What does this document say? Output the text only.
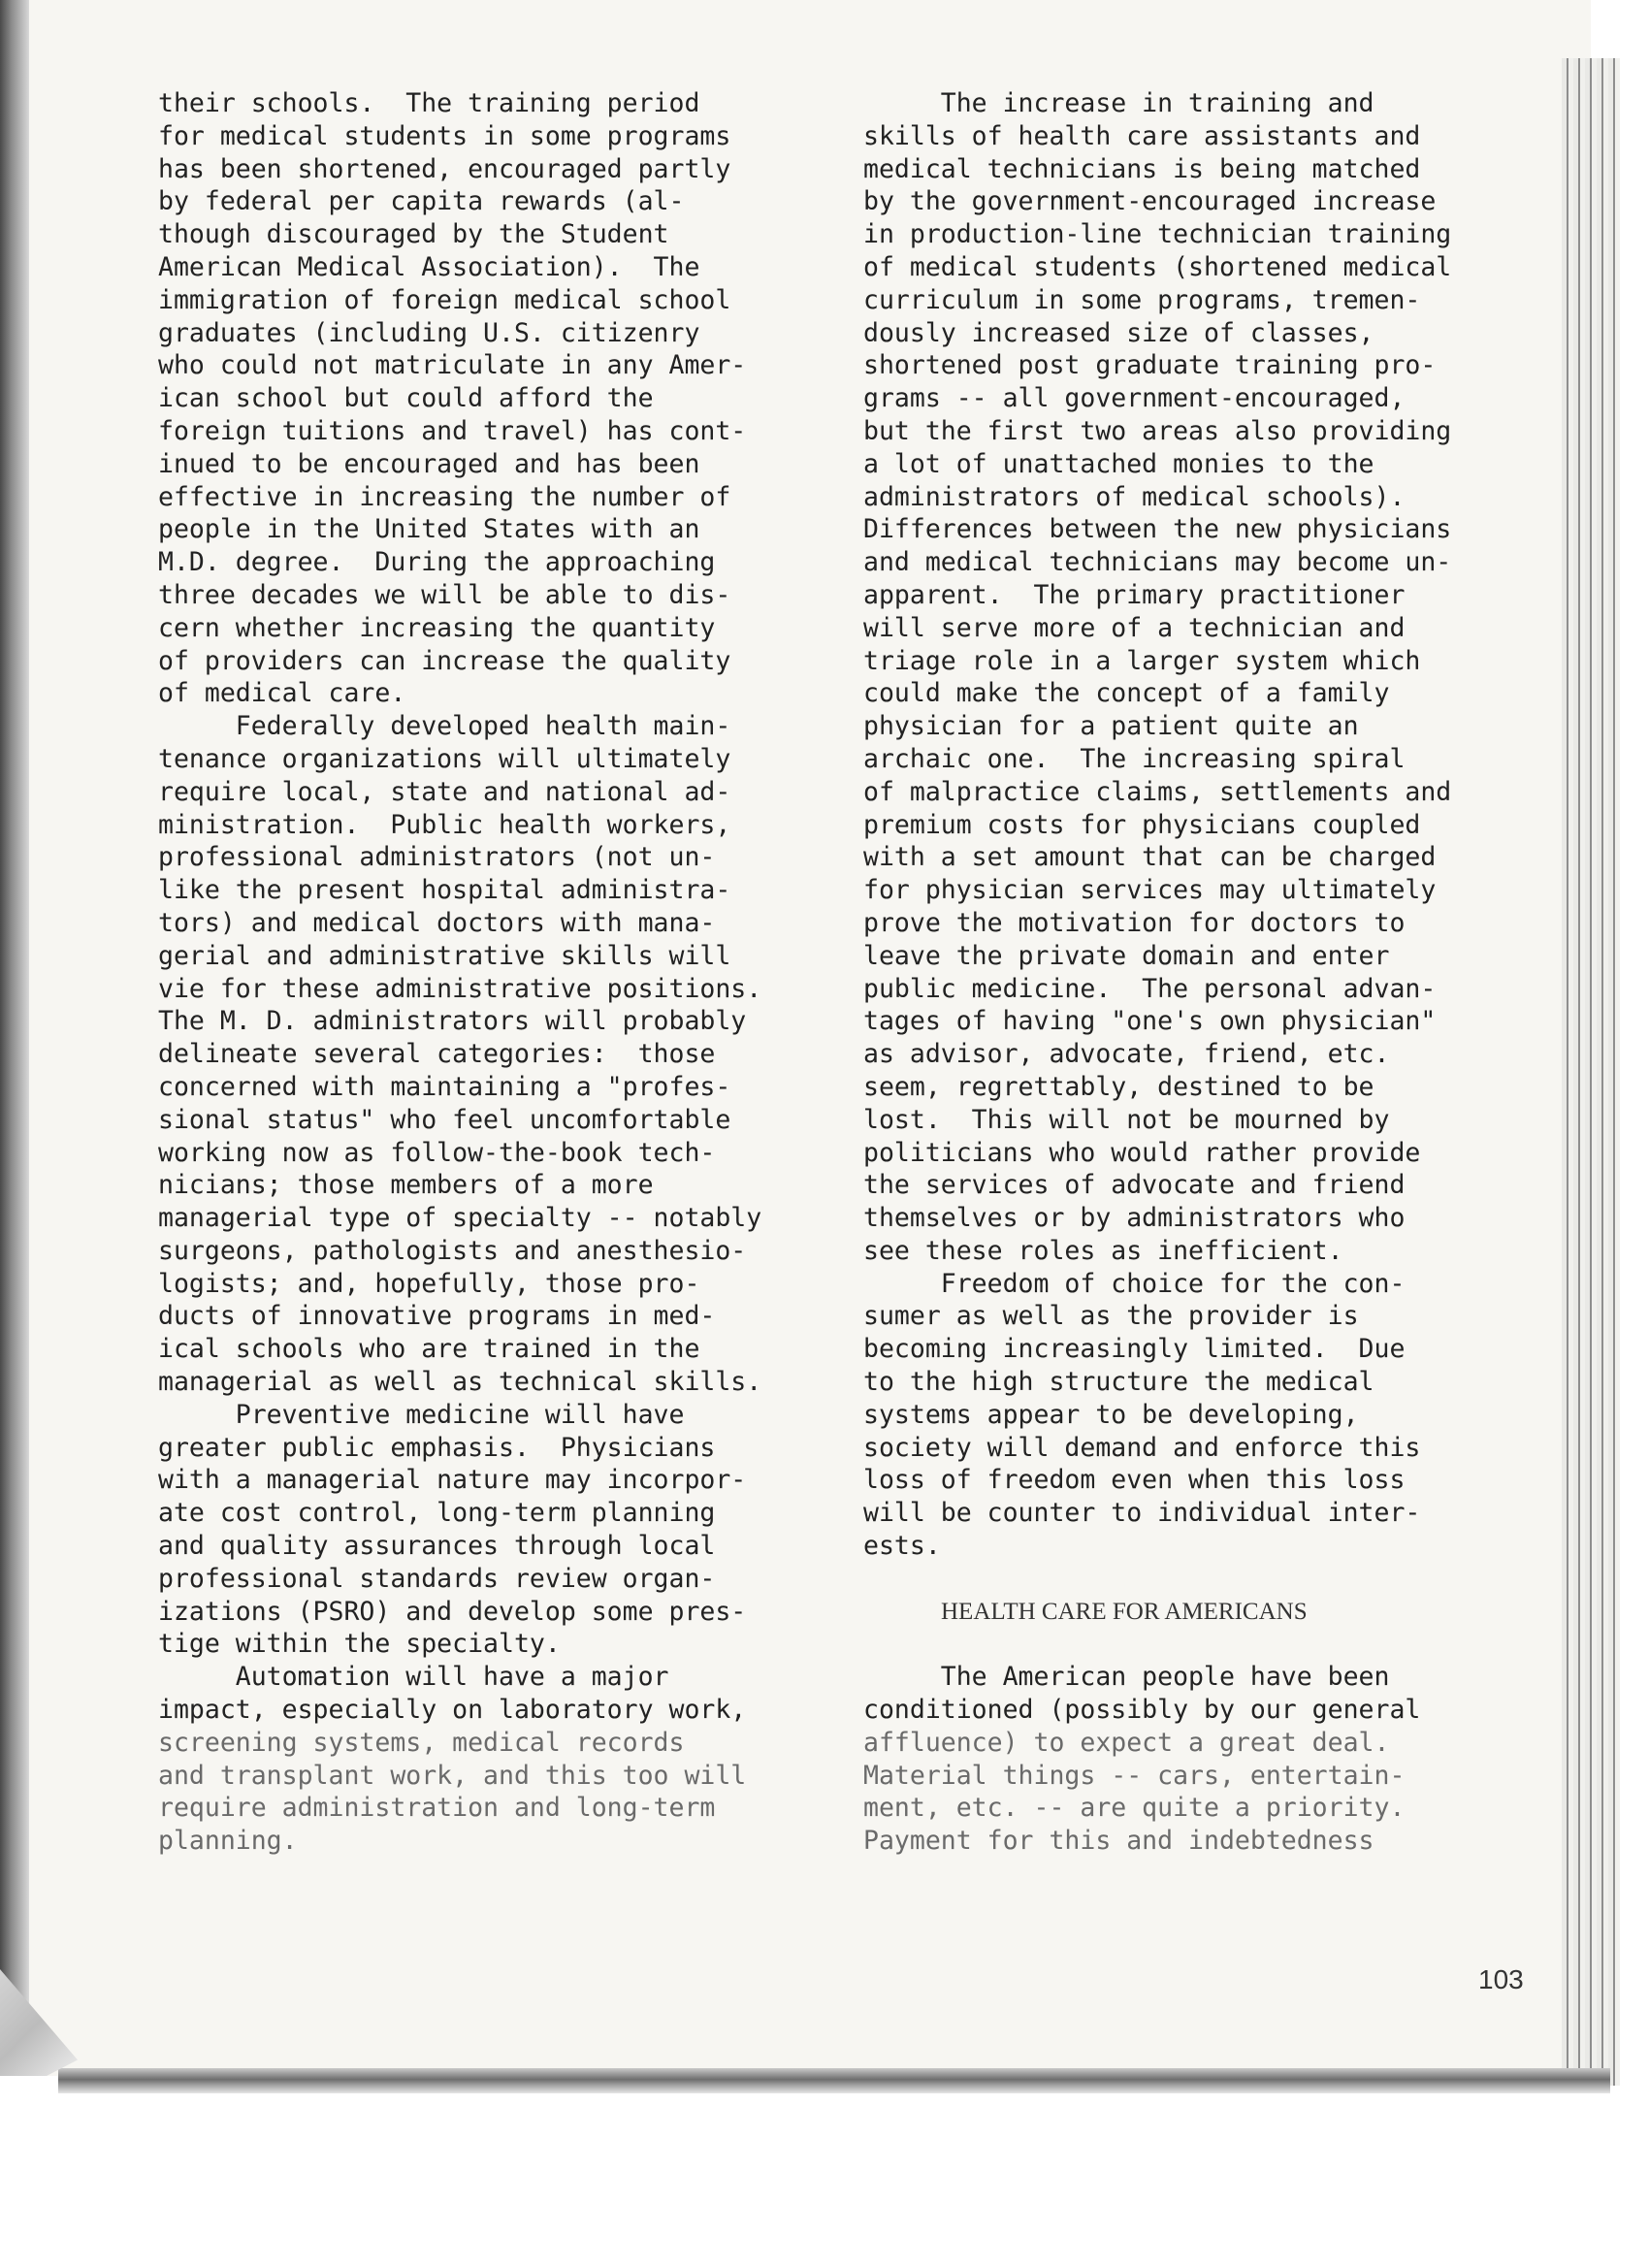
their schools.  The training period
for medical students in some programs
has been shortened, encouraged partly
by federal per capita rewards (al-
though discouraged by the Student
American Medical Association).  The
immigration of foreign medical school
graduates (including U.S. citizenry
who could not matriculate in any Amer-
ican school but could afford the
foreign tuitions and travel) has cont-
inued to be encouraged and has been
effective in increasing the number of
people in the United States with an
M.D. degree.  During the approaching
three decades we will be able to dis-
cern whether increasing the quantity
of providers can increase the quality
of medical care.
Federally developed health main-
tenance organizations will ultimately
require local, state and national ad-
ministration.  Public health workers,
professional administrators (not un-
like the present hospital administra-
tors) and medical doctors with mana-
gerial and administrative skills will
vie for these administrative positions.
The M. D. administrators will probably
delineate several categories:  those
concerned with maintaining a "profes-
sional status" who feel uncomfortable
working now as follow-the-book tech-
nicians; those members of a more
managerial type of specialty -- notably
surgeons, pathologists and anesthesio-
logists; and, hopefully, those pro-
ducts of innovative programs in med-
ical schools who are trained in the
managerial as well as technical skills.
Preventive medicine will have
greater public emphasis.  Physicians
with a managerial nature may incorpor-
ate cost control, long-term planning
and quality assurances through local
professional standards review organ-
izations (PSRO) and develop some pres-
tige within the specialty.
Automation will have a major
impact, especially on laboratory work,
screening systems, medical records
and transplant work, and this too will
require administration and long-term
planning.
The increase in training and
skills of health care assistants and
medical technicians is being matched
by the government-encouraged increase
in production-line technician training
of medical students (shortened medical
curriculum in some programs, tremen-
dously increased size of classes,
shortened post graduate training pro-
grams -- all government-encouraged,
but the first two areas also providing
a lot of unattached monies to the
administrators of medical schools).
Differences between the new physicians
and medical technicians may become un-
apparent.  The primary practitioner
will serve more of a technician and
triage role in a larger system which
could make the concept of a family
physician for a patient quite an
archaic one.  The increasing spiral
of malpractice claims, settlements and
premium costs for physicians coupled
with a set amount that can be charged
for physician services may ultimately
prove the motivation for doctors to
leave the private domain and enter
public medicine.  The personal advan-
tages of having "one's own physician"
as advisor, advocate, friend, etc.
seem, regrettably, destined to be
lost.  This will not be mourned by
politicians who would rather provide
the services of advocate and friend
themselves or by administrators who
see these roles as inefficient.
Freedom of choice for the con-
sumer as well as the provider is
becoming increasingly limited.  Due
to the high structure the medical
systems appear to be developing,
society will demand and enforce this
loss of freedom even when this loss
will be counter to individual inter-
ests.
HEALTH CARE FOR AMERICANS
The American people have been
conditioned (possibly by our general
affluence) to expect a great deal.
Material things -- cars, entertain-
ment, etc. -- are quite a priority.
Payment for this and indebtedness
103
